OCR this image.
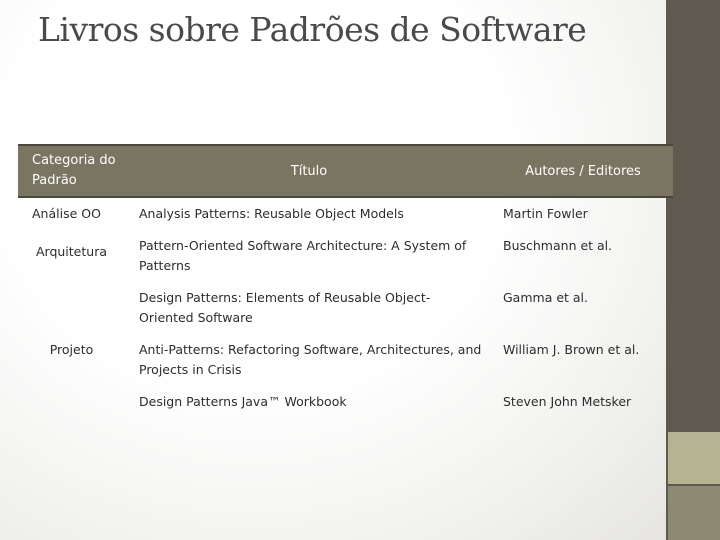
Livros sobre Padrões de Software
Categoria do Padrão	Título	Autores / Editores
Análise OO	Analysis Patterns: Reusable Object Models	Martin Fowler
Arquitetura	Pattern-Oriented Software Architecture: A System of Patterns	Buschmann et al.
Projeto	Design Patterns: Elements of Reusable Object-Oriented Software	Gamma et al.
	Anti-Patterns: Refactoring Software, Architectures, and Projects in Crisis	William J. Brown et al.
	Design Patterns Java™ Workbook	Steven John Metsker
